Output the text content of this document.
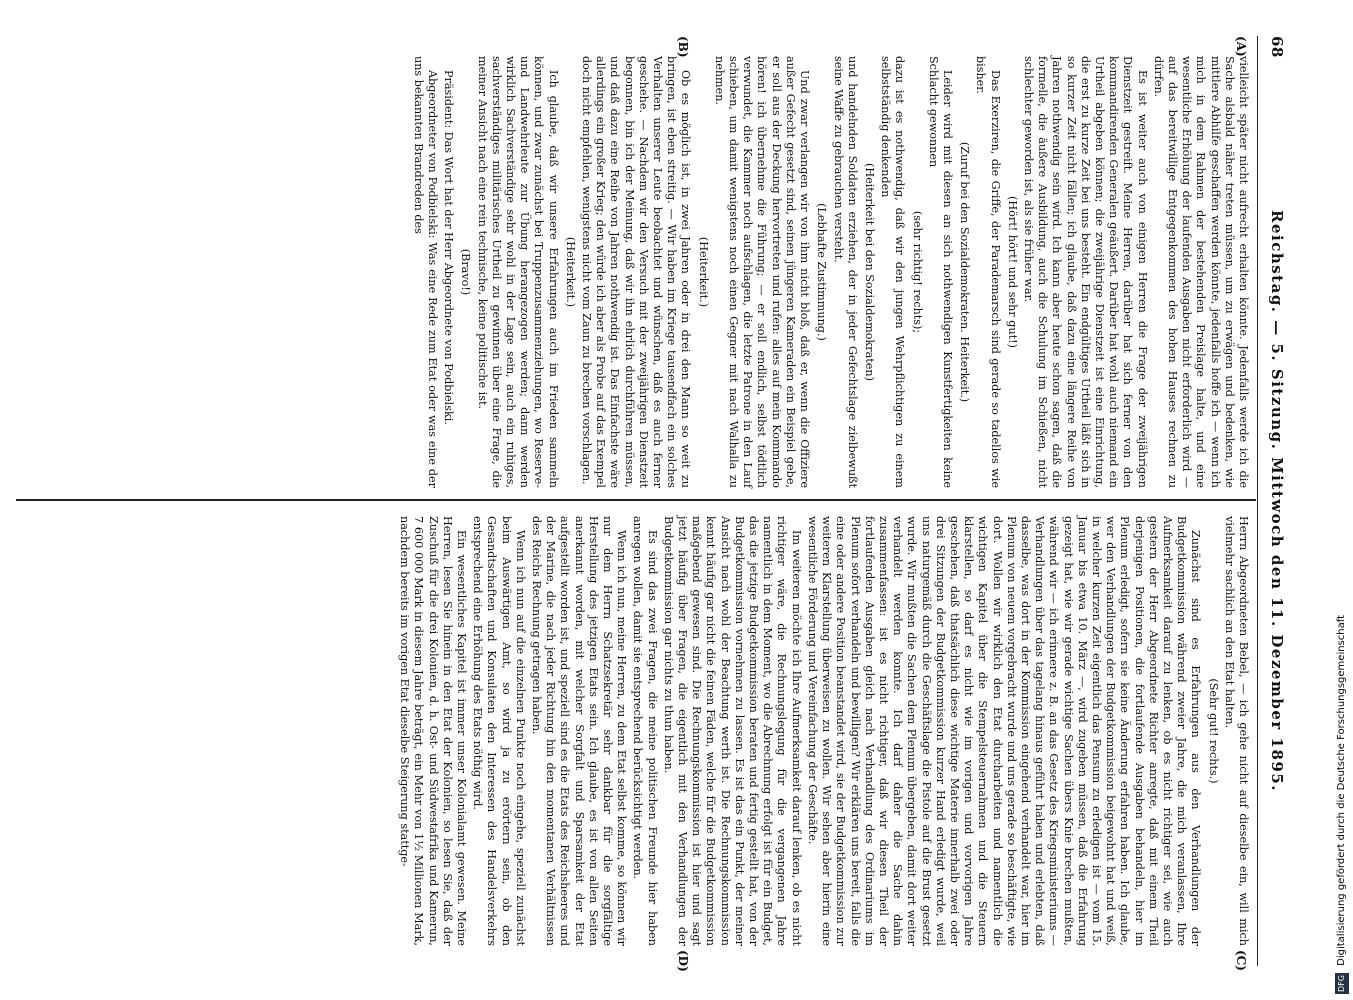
68
Reichstag. — 5. Sitzung. Mittwoch den 11. Dezember 1895.
(A)
(B)
(C)
(D)

vielleicht später nicht aufrecht erhalten könnte. Jedenfalls werde ich die Sache alsbald näher treten müssen, um zu erwägen und bedenken, wie mittlere Abhilfe geschaffen werden könnte, jedenfalls hoffe ich — wenn ich mich in dem Rahmen der bestehenden Preislage halte, und eine wesentliche Erhöhung der laufenden Ausgaben nicht erforderlich wird — auf das bereitwillige Entgegenkommen des hohen Hauses rechnen zu dürfen.

Es ist weiter auch von einigen Herren die Frage der zweijährigen Dienstzeit gestreift. Meine Herren, darüber hat sich ferner von den kommandirenden Generalen geäußert. Darüber hat wohl auch niemand ein Urtheil abgeben können; die zweijährige Dienstzeit ist eine Einrichtung, die erst zu kurze Zeit bei uns besteht. Ein endgültiges Urtheil läßt sich in so kurzer Zeit nicht fällen; ich glaube, daß dazu eine längere Reihe von Jahren nothwendig sein wird. Ich kann aber heute schon sagen, daß die formelle, die äußere Ausbildung, auch die Schulung im Schießen, nicht schlechter geworden ist, als sie früher war.

(Hört! hört! und sehr gut!)

Das Exerziren, die Griffe, der Parademarsch sind gerade so tadellos wie bisher.

(Zuruf bei den Sozialdemokraten. Heiterkeit.)

Leider wird mit diesen an sich nothwendigen Kunstfertigkeiten keine Schlacht gewonnen

(sehr richtig! rechts);

dazu ist es nothwendig, daß wir den jungen Wehrpflichtigen zu einem selbstständig denkenden

(Heiterkeit bei den Sozialdemokraten)

und handelnden Soldaten erziehen, der in jeder Gefechtslage zielbewußt seine Waffe zu gebrauchen versteht.

(Lebhafte Zustimmung.)

Und zwar verlangen wir von ihm nicht bloß, daß er, wenn die Offiziere außer Gefecht gesetzt sind, seinen jüngeren Kameraden ein Beispiel gebe, er soll aus der Deckung hervortreten und rufen: alles auf mein Kommando hören! ich übernehme die Führung; — er soll endlich, selbst tödtlich verwundet, die Kammer noch aufschlagen, die letzte Patrone in den Lauf schieben, um damit wenigstens noch einen Gegner mit nach Walhalla zu nehmen.

(Heiterkeit.)

Ob es möglich ist, in zwei Jahren oder in drei den Mann so weit zu bringen, ist eben streitig. — Wir haben im Kriege tausendfach ein solches Verhalten unserer Leute beobachtet und wünschen, daß es auch ferner geschehe. — Nachdem wir den Versuch mit der zweijährigen Dienstzeit begonnen, bin ich der Meinung, daß wir ihn ehrlich durchführen müssen, und daß dazu eine Reihe von Jahren nothwendig ist. Das Einfachste wäre allerdings ein großer Krieg; den würde ich aber als Probe auf das Exempel doch nicht empfehlen, wenigstens nicht vom Zaun zu brechen vorschlagen.

(Heiterkeit.)

Ich glaube, daß wir unsere Erfahrungen auch im Frieden sammeln können, und zwar zunächst bei Truppenzusammenziehungen, wo Reserve- und Landwehrleute zur Übung herangezogen werden; dann werden wirklich Sachverständige sehr wohl in der Lage sein, auch ein ruhiges, sachverständiges militärisches Urtheil zu gewinnen über eine Frage, die meiner Ansicht nach eine rein technische, keine politische ist.

(Bravo!)

Präsident: Das Wort hat der Herr Abgeordnete von Podbielski.

Abgeordneter von Podbielski: Was eine Rede zum Etat oder was eine der uns bekannten Brandreden des

Herrn Abgeordneten Bebel, — ich gehe nicht auf dieselbe ein, will mich vielmehr sachlich an den Etat halten.

(Sehr gut! rechts.)

Zunächst sind es Erfahrungen aus den Verhandlungen der Budgetkommission während zweier Jahre, die mich veranlassen, Ihre Aufmerksamkeit darauf zu lenken, ob es nicht richtiger sei, wie auch gestern der Herr Abgeordnete Richter anregte, daß mit einem Theil derjenigen Positionen, die fortlaufende Ausgaben behandeln, hier im Plenum erledigt, sofern sie keine Änderung erfahren haben. Ich glaube, wer den Verhandlungen der Budgetkommission beigewohnt hat und weiß, in welcher kurzen Zeit eigentlich das Pensum zu erledigen ist — vom 15. Januar bis etwa 10. März —, wird zugeben müssen, daß die Erfahrung gezeigt hat, wie wir gerade wichtige Sachen übers Knie brechen mußten, während wir — ich erinnere z. B. an das Gesetz des Kriegsministeriums — Verhandlungen über das tagelang hinaus geführt haben und erlebten, daß dasselbe, was dort in der Kommission eingehend verhandelt war, hier im Plenum von neuem vorgebracht wurde und uns gerade so beschäftigte, wie dort. Wollen wir wirklich den Etat durcharbeiten und namentlich die wichtigen Kapitel über die Stempelsteuernahmen und die Steuern klarstellen, so darf es nicht wie im vorigen und vorvorigen Jahre geschehen, daß thatsächlich diese wichtige Materie innerhalb zwei oder drei Sitzungen der Budgetkommission kurzer Hand erledigt wurde, weil uns naturgemäß durch die Geschäftslage die Pistole auf die Brust gesetzt wurde. Wir mußten die Sachen dem Plenum übergeben, damit dort weiter verhandelt werden konnte. Ich darf daher die Sache dahin zusammenfassen: ist es nicht richtiger, daß wir diesen Theil der fortlaufenden Ausgaben gleich nach Verhandlung des Ordinariums im Plenum sofort verhandeln und bewilligen? Wir erklären uns bereit, falls die eine oder andere Position beanstandet wird, sie der Budgetkommission zur weiteren Klarstellung überweisen zu wollen. Wir sehen aber hierin eine wesentliche Förderung und Vereinfachung der Geschäfte.

Im weiteren möchte ich Ihre Aufmerksamkeit darauf lenken, ob es nicht richtiger wäre, die Rechnungslegung für die vergangenen Jahre namentlich in dem Moment, wo die Abrechnung erfolgt ist für ein Budget, das die jetzige Budgetkommission beraten und fertig gestellt hat, von der Budgetkommission vornehmen zu lassen. Es ist das ein Punkt, der meiner Ansicht nach wohl der Beachtung werth ist. Die Rechnungskommission kennt häufig gar nicht die feinen Fäden, welche für die Budgetkommission maßgebend gewesen sind. Die Rechnungskommission ist hier und sagt jetzt häufig über Fragen, die eigentlich mit den Verhandlungen der Budgetkommission gar nichts zu thun haben.

Es sind das zwei Fragen, die meine politischen Freunde hier haben anregen wollen, damit sie entsprechend berücksichtigt werden.

Wenn ich nun, meine Herren, zu dem Etat selbst komme, so können wir nur dem Herrn Schatzsekretär sehr dankbar für die sorgfältige Herstellung des jetzigen Etats sein. Ich glaube, es ist von allen Seiten anerkannt worden, mit welcher Sorgfalt und Sparsamkeit der Etat aufgestellt worden ist, und speziell sind es die Etats des Reichsheeres und der Marine, die nach jeder Richtung hin den momentanen Verhältnissen des Reichs Rechnung getragen haben.

Wenn ich nun auf die einzelnen Punkte noch eingehe, speziell zunächst beim Auswärtigen Amt, so wird ja zu erörtern sein, ob den Gesandtschaften und Konsulaten den Interessen des Handelsverkehrs entsprechend eine Erhöhung des Etats nöthig wird.

Ein wesentliches Kapitel ist immer unser Kolonialamt gewesen. Meine Herren, lesen Sie hinein in den Etat der Kolonien, so lesen Sie, daß der Zuschuß für die drei Kolonien, d. h. Ost- und Südwestafrika und Kamerun, 7 600 000 Mark in diesem Jahre beträgt, ein Mehr von 1½ Millionen Mark, nachdem bereits im vorigen Etat dieselbe Steigerung stattge-

DFG Digitalisierung gefördert durch die Deutsche Forschungsgemeinschaft
